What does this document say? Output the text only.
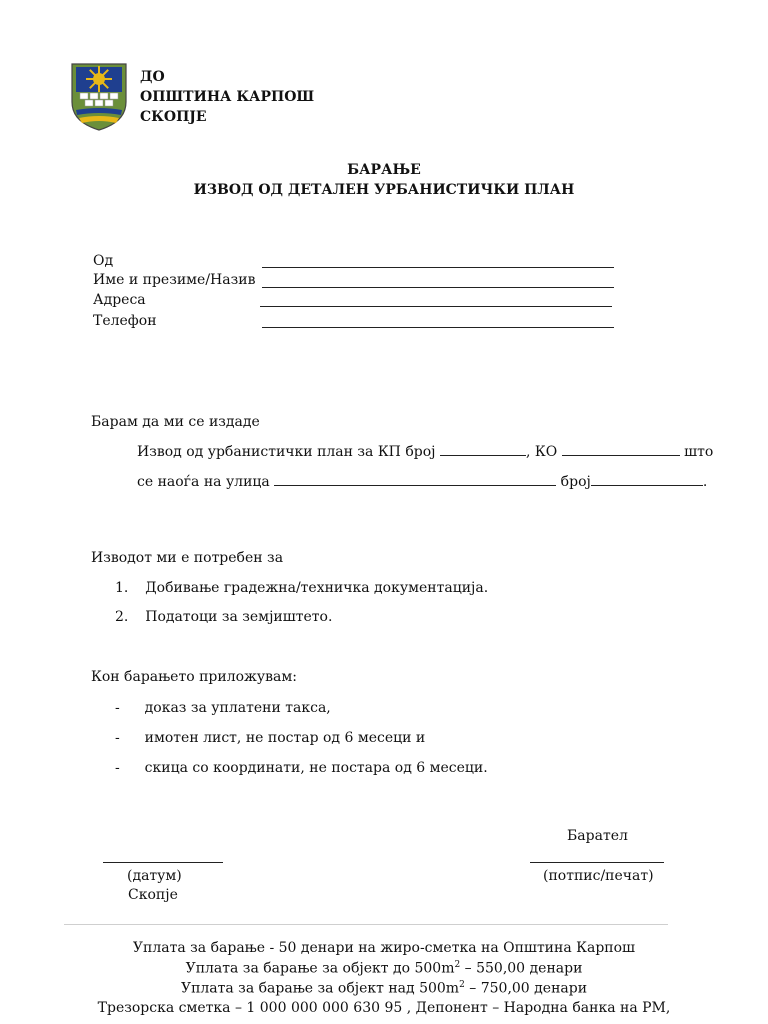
ДО
ОПШТИНА КАРПОШ
СКОПЈЕ
БАРАЊЕ
ИЗВОД ОД ДЕТАЛЕН УРБАНИСТИЧКИ ПЛАН
Од
Име и презиме/Назив
Адреса
Телефон
Барам да ми се издаде
Извод од урбанистички план за КП број	, КО	што
се наоѓа на улица	број	.
Изводот ми е потребен за
1. Добивање градежна/техничка документација.
2. Податоци за земјиштето.
Кон барањето приложувам:
- доказ за уплатени такса,
- имотен лист, не постар од 6 месеци и
- скица со координати, не постара од 6 месеци.
Барател
(датум)	(потпис/печат)
Скопје
Уплата за барање - 50 денари на жиро-сметка на Општина Карпош
Уплата за барање за објект до $500m^2 - 550,00$ денари
Уплата за барање за објект над $500m^2 - 750,00$ денари
Трезорска сметка – 1 000 000 000 630 95 , Депонент – Народна банка на РМ,
